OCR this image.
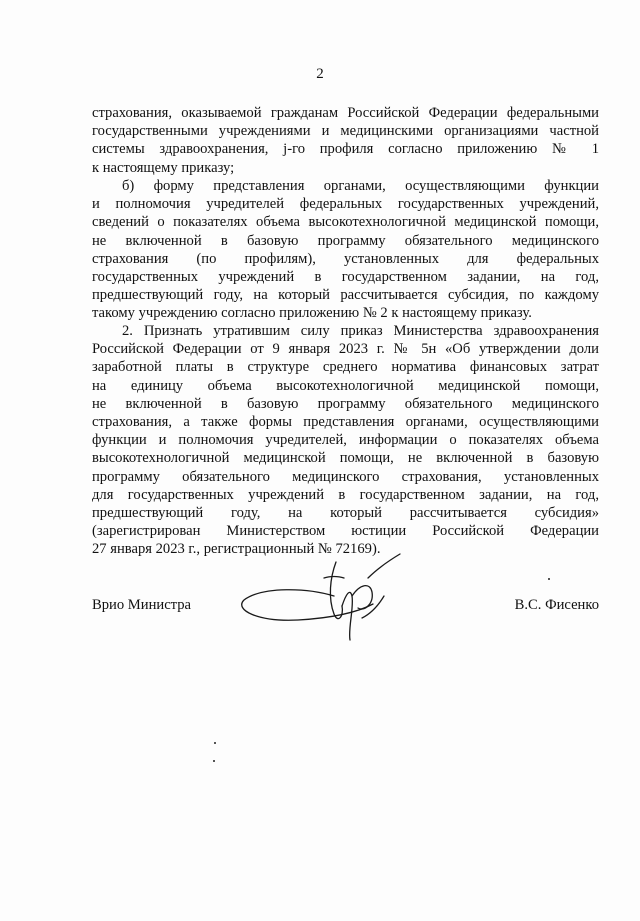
2
страхования, оказываемой гражданам Российской Федерации федеральными
государственными учреждениями и медицинскими организациями частной
системы здравоохранения, j-го профиля согласно приложению № 1
к настоящему приказу;
б) форму представления органами, осуществляющими функции
и полномочия учредителей федеральных государственных учреждений,
сведений о показателях объема высокотехнологичной медицинской помощи,
не включенной в базовую программу обязательного медицинского
страхования (по профилям), установленных для федеральных
государственных учреждений в государственном задании, на год,
предшествующий году, на который рассчитывается субсидия, по каждому
такому учреждению согласно приложению № 2 к настоящему приказу.
2. Признать утратившим силу приказ Министерства здравоохранения
Российской Федерации от 9 января 2023 г. № 5н «Об утверждении доли
заработной платы в структуре среднего норматива финансовых затрат
на единицу объема высокотехнологичной медицинской помощи,
не включенной в базовую программу обязательного медицинского
страхования, а также формы представления органами, осуществляющими
функции и полномочия учредителей, информации о показателях объема
высокотехнологичной медицинской помощи, не включенной в базовую
программу обязательного медицинского страхования, установленных
для государственных учреждений в государственном задании, на год,
предшествующий году, на который рассчитывается субсидия»
(зарегистрирован Министерством юстиции Российской Федерации
27 января 2023 г., регистрационный № 72169).
Врио Министра	В.С. Фисенко
